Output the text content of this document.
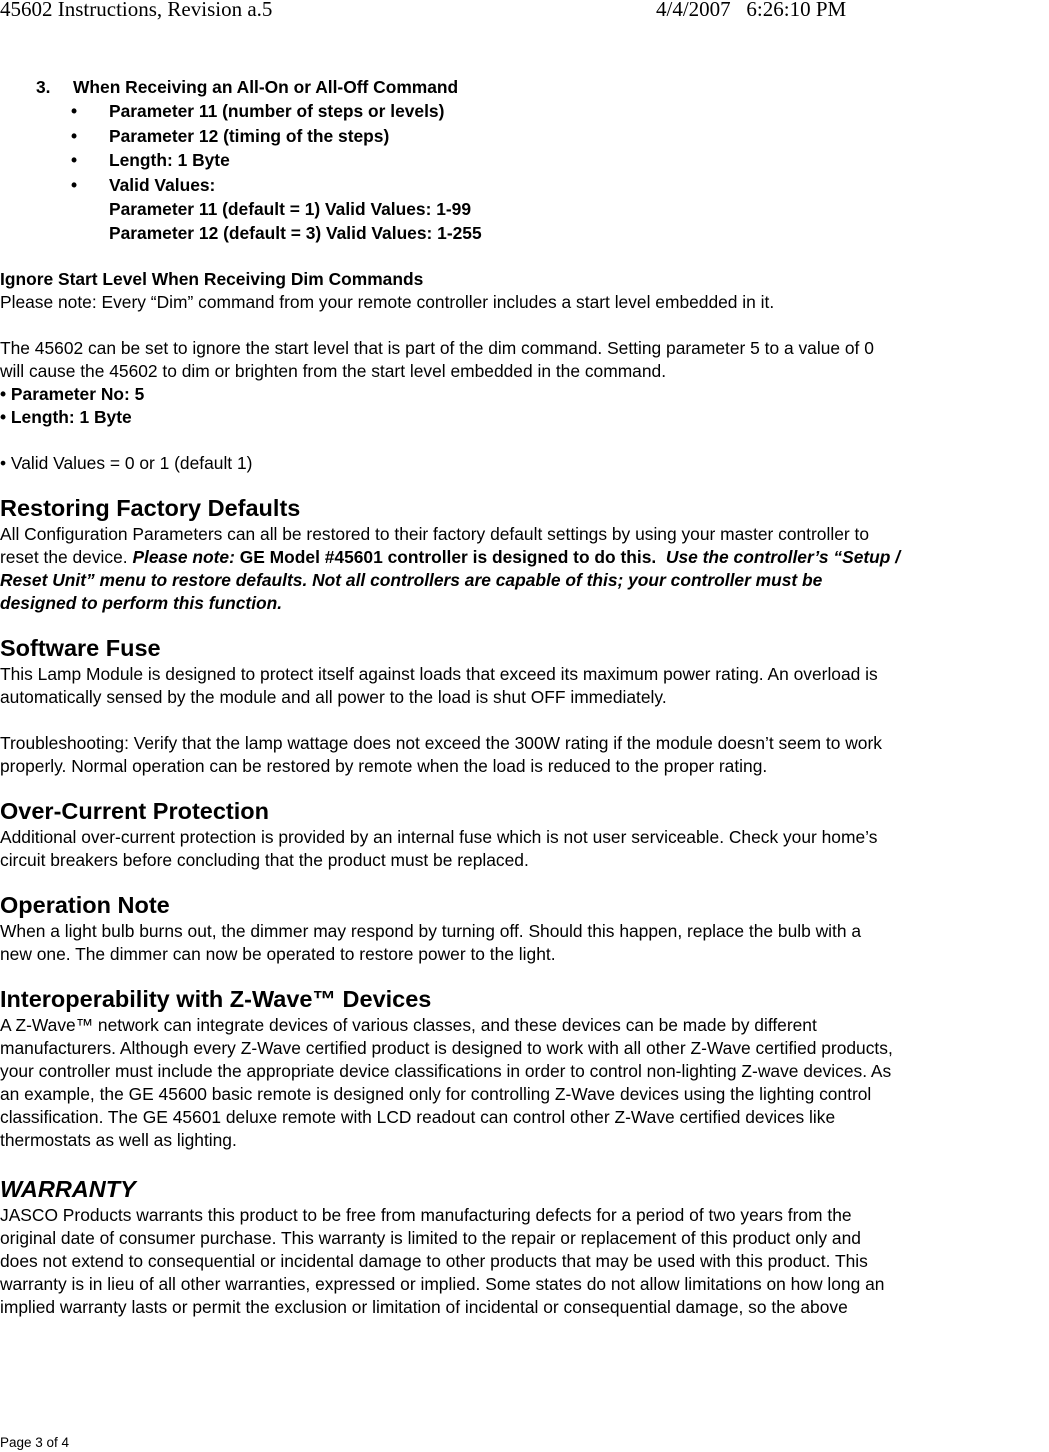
45602 Instructions, Revision a.5	4/4/2007   6:26:10 PM
3. When Receiving an All-On or All-Off Command
• Parameter 11 (number of steps or levels)
• Parameter 12 (timing of the steps)
• Length: 1 Byte
• Valid Values:
Parameter 11 (default = 1) Valid Values: 1-99
Parameter 12 (default = 3) Valid Values: 1-255

Ignore Start Level When Receiving Dim Commands

Please note: Every “Dim” command from your remote controller includes a start level embedded in it.

The 45602 can be set to ignore the start level that is part of the dim command. Setting parameter 5 to a value of 0

will cause the 45602 to dim or brighten from the start level embedded in the command.

• Parameter No: 5

• Length: 1 Byte

• Valid Values = 0 or 1 (default 1)

Restoring Factory Defaults

All Configuration Parameters can all be restored to their factory default settings by using your master controller to

reset the device. Please note: GE Model #45601 controller is designed to do this.  Use the controller’s “Setup /

Reset Unit” menu to restore defaults. Not all controllers are capable of this; your controller must be

designed to perform this function.

Software Fuse

This Lamp Module is designed to protect itself against loads that exceed its maximum power rating. An overload is

automatically sensed by the module and all power to the load is shut OFF immediately.

Troubleshooting: Verify that the lamp wattage does not exceed the 300W rating if the module doesn’t seem to work

properly. Normal operation can be restored by remote when the load is reduced to the proper rating.

Over-Current Protection

Additional over-current protection is provided by an internal fuse which is not user serviceable. Check your home’s

circuit breakers before concluding that the product must be replaced.

Operation Note

When a light bulb burns out, the dimmer may respond by turning off. Should this happen, replace the bulb with a

new one. The dimmer can now be operated to restore power to the light.

Interoperability with Z-Wave™ Devices

A Z-Wave™ network can integrate devices of various classes, and these devices can be made by different

manufacturers. Although every Z-Wave certified product is designed to work with all other Z-Wave certified products,

your controller must include the appropriate device classifications in order to control non-lighting Z-wave devices. As

an example, the GE 45600 basic remote is designed only for controlling Z-Wave devices using the lighting control

classification. The GE 45601 deluxe remote with LCD readout can control other Z-Wave certified devices like

thermostats as well as lighting.

WARRANTY

JASCO Products warrants this product to be free from manufacturing defects for a period of two years from the

original date of consumer purchase. This warranty is limited to the repair or replacement of this product only and

does not extend to consequential or incidental damage to other products that may be used with this product. This

warranty is in lieu of all other warranties, expressed or implied. Some states do not allow limitations on how long an

implied warranty lasts or permit the exclusion or limitation of incidental or consequential damage, so the above

Page 3 of 4
